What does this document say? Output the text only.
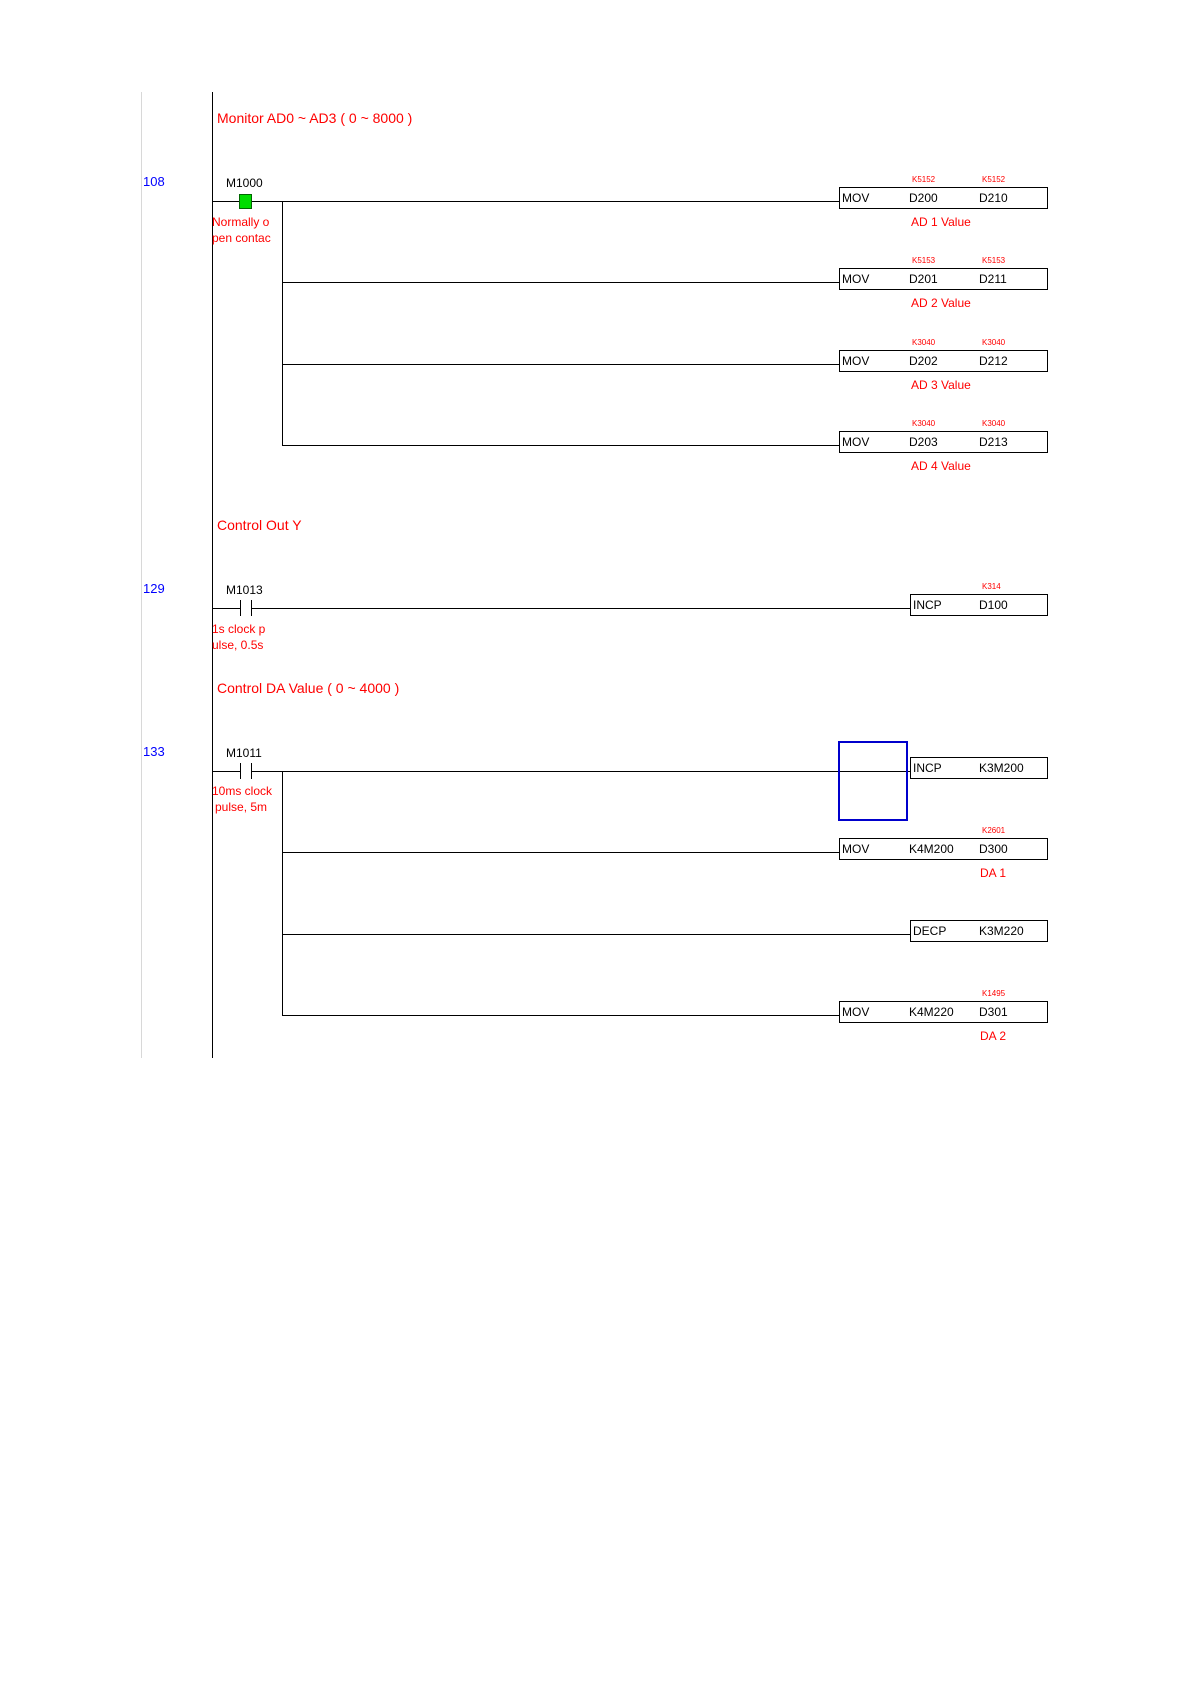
Monitor AD0 ~ AD3 ( 0 ~ 8000 )
108	M1000
Normally o
pen contac
K5152	K5152
MOV	D200	D210
AD 1 Value
K5153	K5153
MOV	D201	D211
AD 2 Value
K3040	K3040
MOV	D202	D212
AD 3 Value
K3040	K3040
MOV	D203	D213
AD 4 Value
Control Out Y
129	M1013
1s clock p
ulse, 0.5s
K314
INCP	D100
Control DA Value ( 0 ~ 4000 )
133	M1011
10ms clock
pulse, 5m
INCP	K3M200
K2601
MOV	K4M200 D300
DA 1
DECP	K3M220
K1495
MOV	K4M220 D301
DA 2
